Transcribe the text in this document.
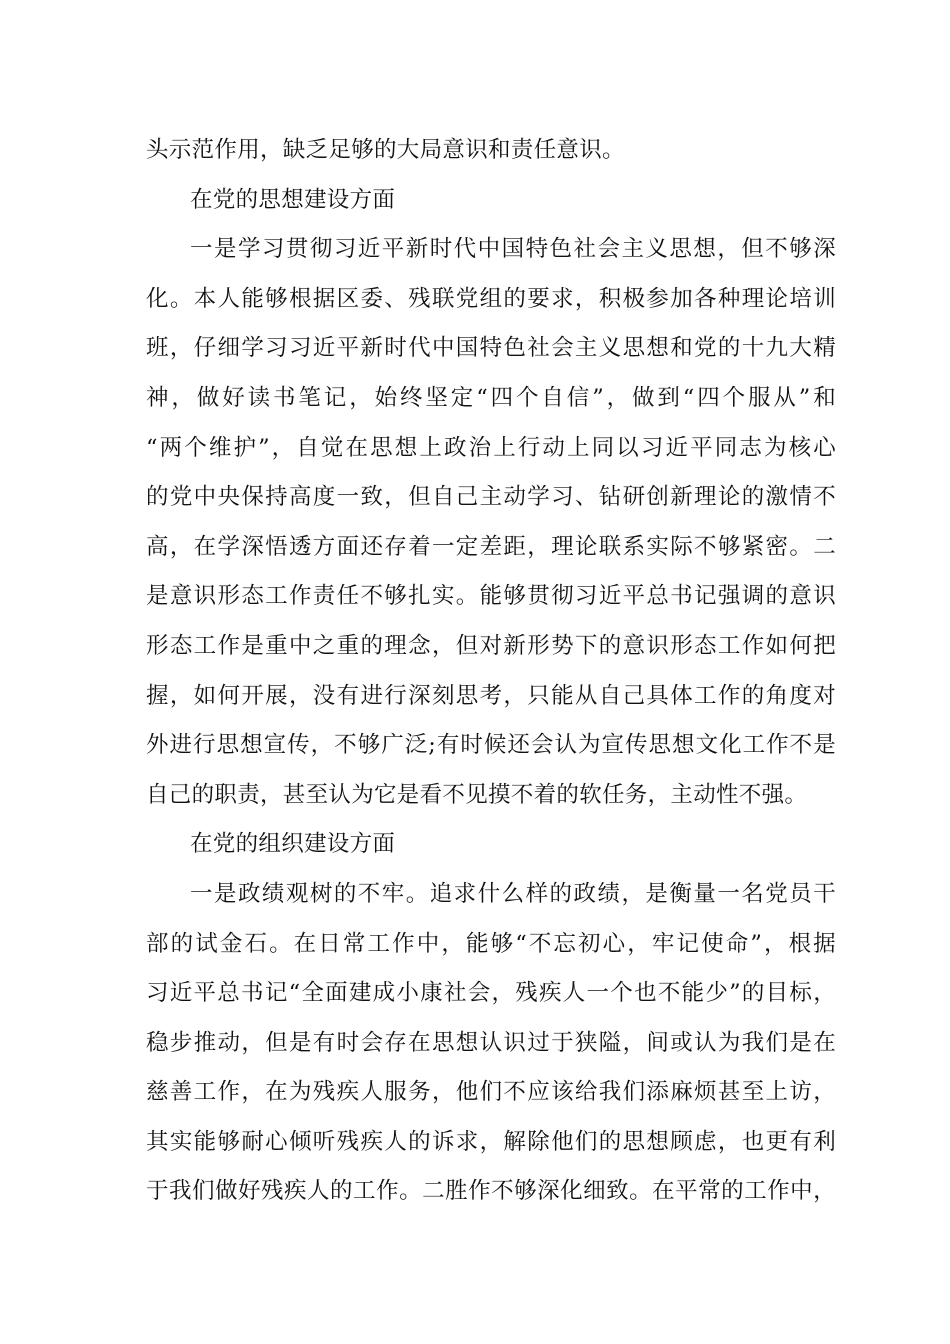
头示范作用，缺乏足够的大局意识和责任意识。
在党的思想建设方面
一是学习贯彻习近平新时代中国特色社会主义思想，但不够深
化。本人能够根据区委、残联党组的要求，积极参加各种理论培训
班，仔细学习习近平新时代中国特色社会主义思想和党的十九大精
神，做好读书笔记，始终坚定“四个自信”，做到“四个服从”和
“两个维护”，自觉在思想上政治上行动上同以习近平同志为核心
的党中央保持高度一致，但自己主动学习、钻研创新理论的激情不
高，在学深悟透方面还存着一定差距，理论联系实际不够紧密。二
是意识形态工作责任不够扎实。能够贯彻习近平总书记强调的意识
形态工作是重中之重的理念，但对新形势下的意识形态工作如何把
握，如何开展，没有进行深刻思考，只能从自己具体工作的角度对
外进行思想宣传，不够广泛;有时候还会认为宣传思想文化工作不是
自己的职责，甚至认为它是看不见摸不着的软任务，主动性不强。
在党的组织建设方面
一是政绩观树的不牢。追求什么样的政绩，是衡量一名党员干
部的试金石。在日常工作中，能够“不忘初心，牢记使命”，根据
习近平总书记“全面建成小康社会，残疾人一个也不能少”的目标，
稳步推动，但是有时会存在思想认识过于狭隘，间或认为我们是在
慈善工作，在为残疾人服务，他们不应该给我们添麻烦甚至上访，
其实能够耐心倾听残疾人的诉求，解除他们的思想顾虑，也更有利
于我们做好残疾人的工作。二胜作不够深化细致。在平常的工作中，
